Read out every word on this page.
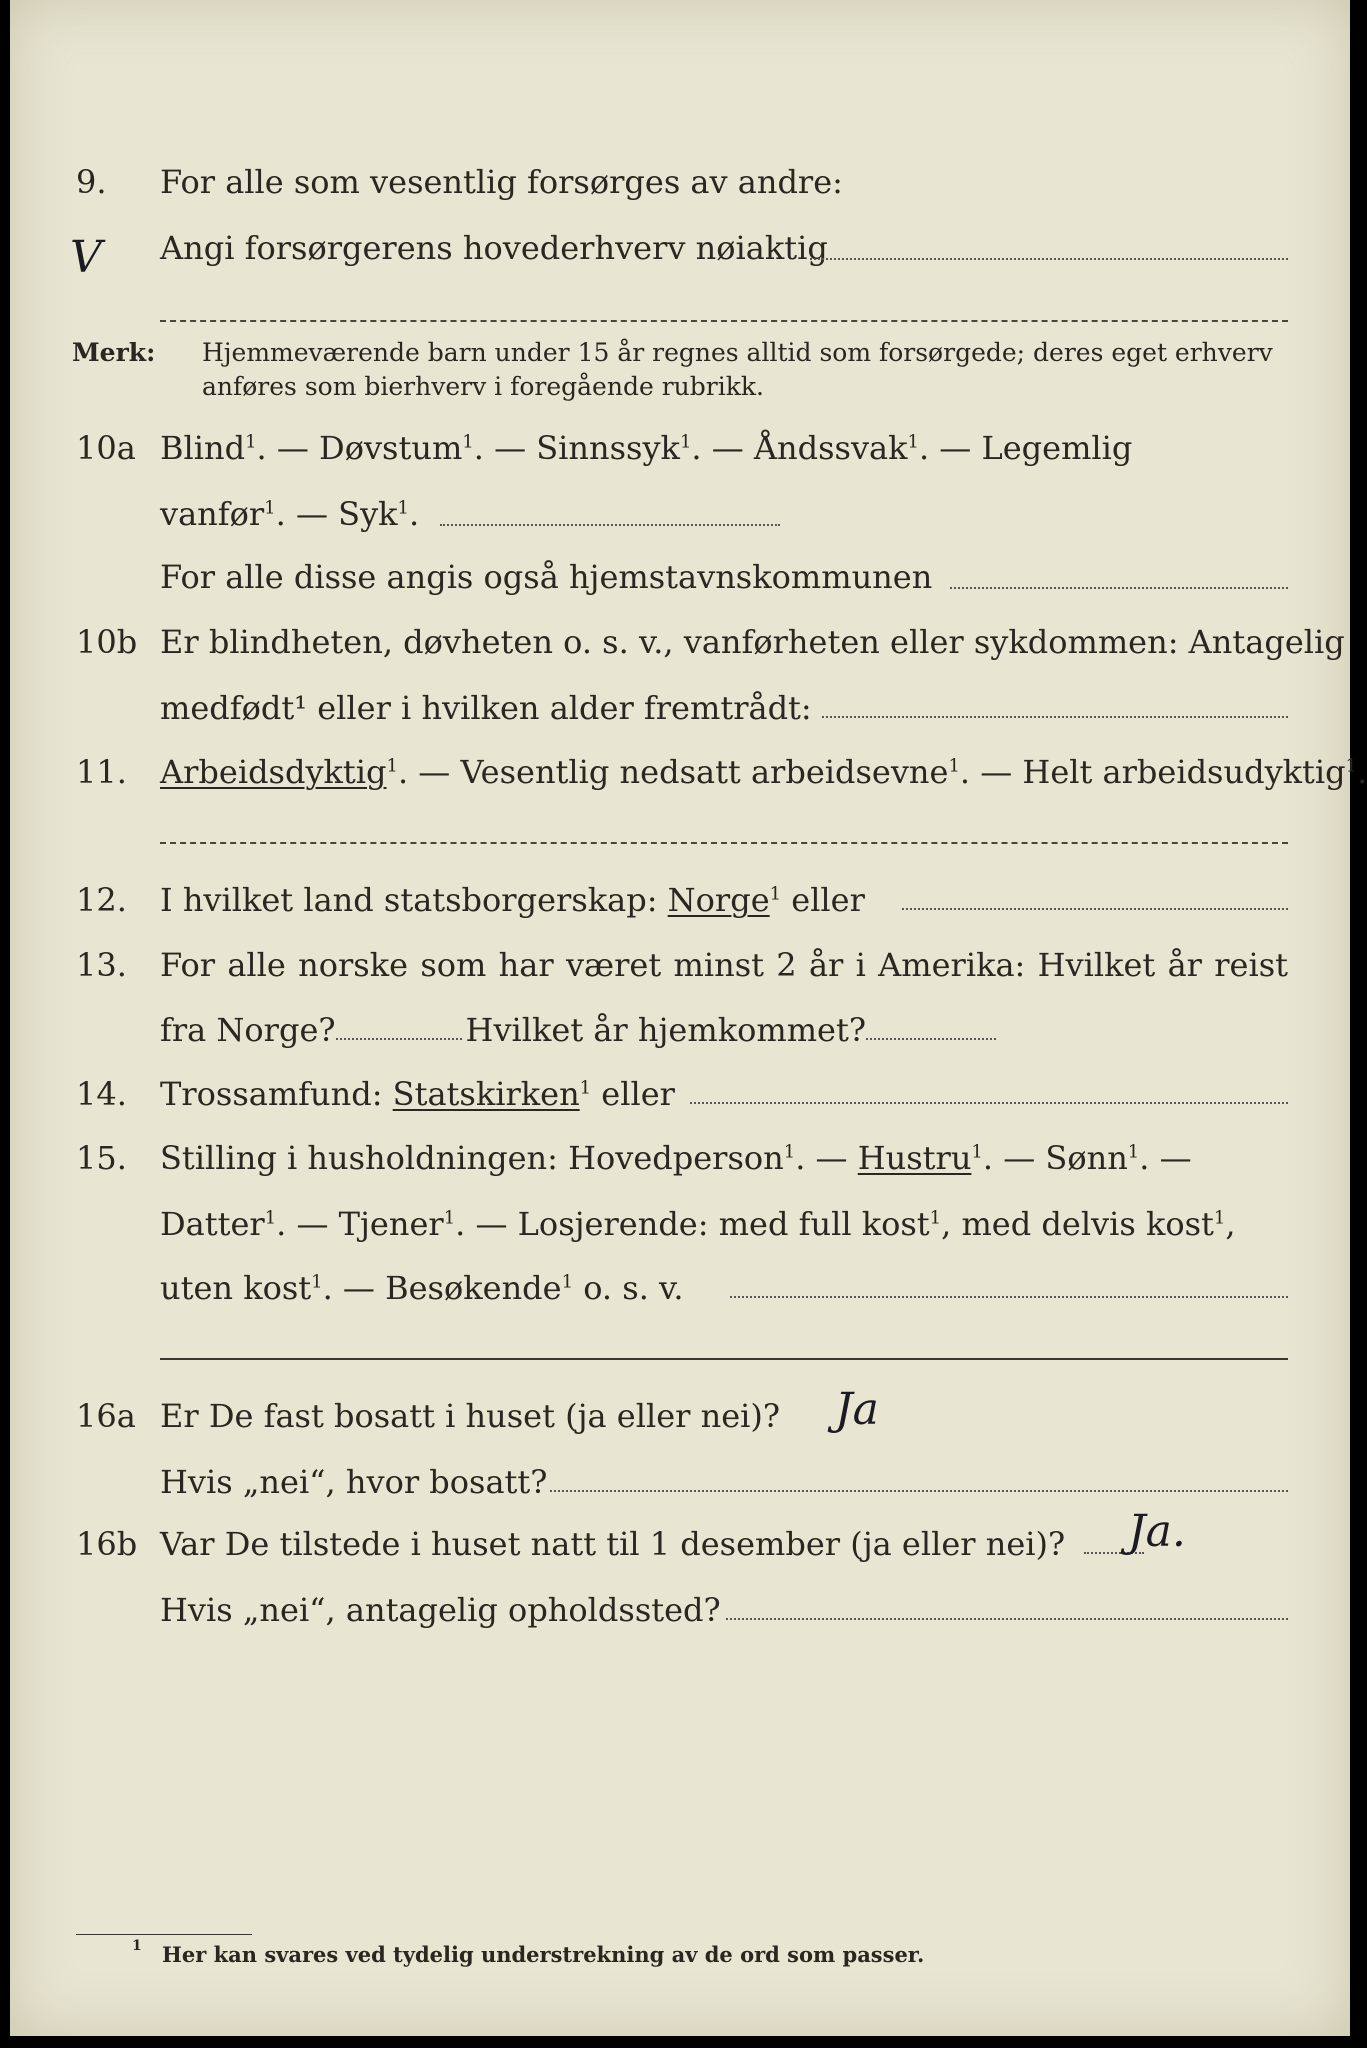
9. For alle som vesentlig forsørges av andre:
V Angi forsørgerens hovederhverv nøiaktig
Merk: Hjemmeværende barn under 15 år regnes alltid som forsørgede; deres eget erhverv
anføres som bierhverv i foregående rubrikk.
10a Blind$^1$. — Døvstum$^1$. — Sinnssyk$^1$. — Åndssvak$^1$. — Legemlig
vanfør$^1$. — Syk$^1$.
For alle disse angis også hjemstavnskommunen
10b Er blindheten, døvheten o. s. v., vanførheten eller sykdommen: Antagelig
medfødt¹ eller i hvilken alder fremtrådt:
11. Arbeidsdyktig$^1$. — Vesentlig nedsatt arbeidsevne$^1$. — Helt arbeidsudyktig$^1$.
12. I hvilket land statsborgerskap: Norge$^1$ eller
13. For alle norske som har været minst 2 år i Amerika: Hvilket år reist
fra Norge?	Hvilket år hjemkommet?
14. Trossamfund: Statskirken$^1$ eller
15. Stilling i husholdningen: Hovedperson$^1$. — Hustru$^1$. — Sønn$^1$. —
Datter$^1$. — Tjener$^1$. — Losjerende: med full kost$^1$, med delvis kost$^1$,
uten kost$^1$. — Besøkende$^1$ o. s. v.
16a Er De fast bosatt i huset (ja eller nei)? Ja
Hvis „nei“, hvor bosatt?
16b Var De tilstede i huset natt til 1 desember (ja eller nei)? Ja.
Hvis „nei“, antagelig opholdssted?
1 Her kan svares ved tydelig understrekning av de ord som passer.
